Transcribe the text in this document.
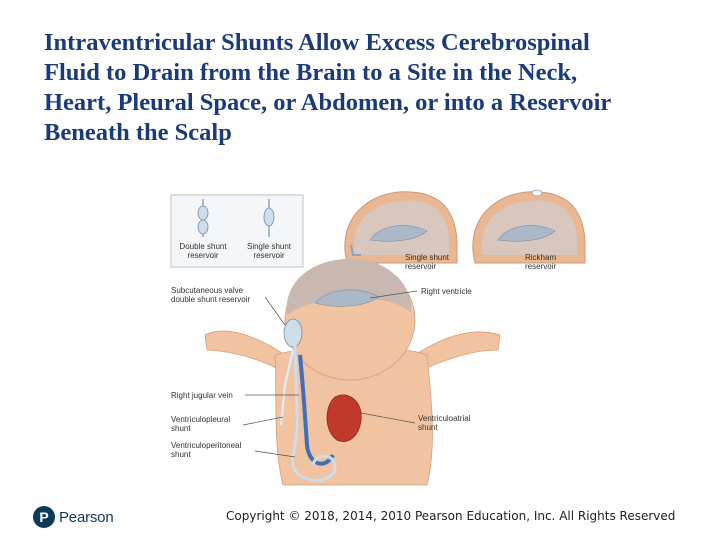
Intraventricular Shunts Allow Excess Cerebrospinal
Fluid to Drain from the Brain to a Site in the Neck,
Heart, Pleural Space, or Abdomen, or into a Reservoir
Beneath the Scalp
Double shunt
reservoir
Single shunt
reservoir	Single shunt
reservoir
Rickham
reservoir
Subcutaneous valve
double shunt reservoir
Right ventricle
Right jugular vein
Ventriculopleural
shunt
Ventriculoatrial
shunt
Ventriculoperitoneal
shunt
P Pearson	Copyright © 2018, 2014, 2010 Pearson Education, Inc. All Rights Reserved
